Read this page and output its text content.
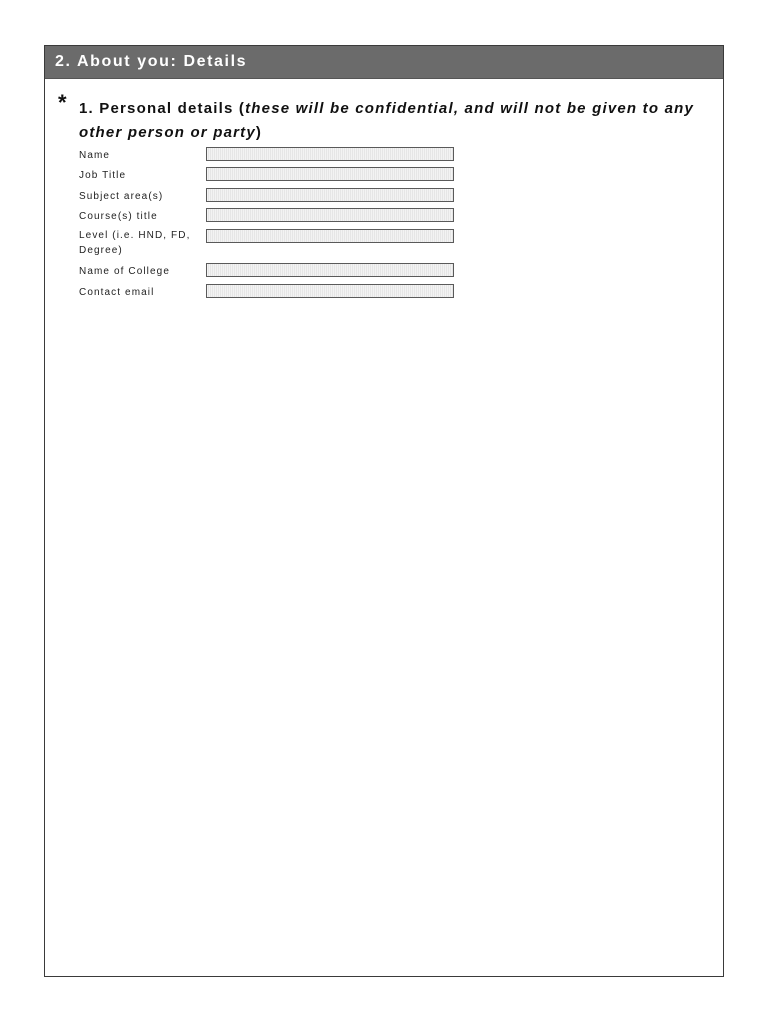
2. About you: Details
* 1. Personal details (these will be confidential, and will not be given to any other person or party)
Name
Job Title
Subject area(s)
Course(s) title
Level (i.e. HND, FD, Degree)
Name of College
Contact email
